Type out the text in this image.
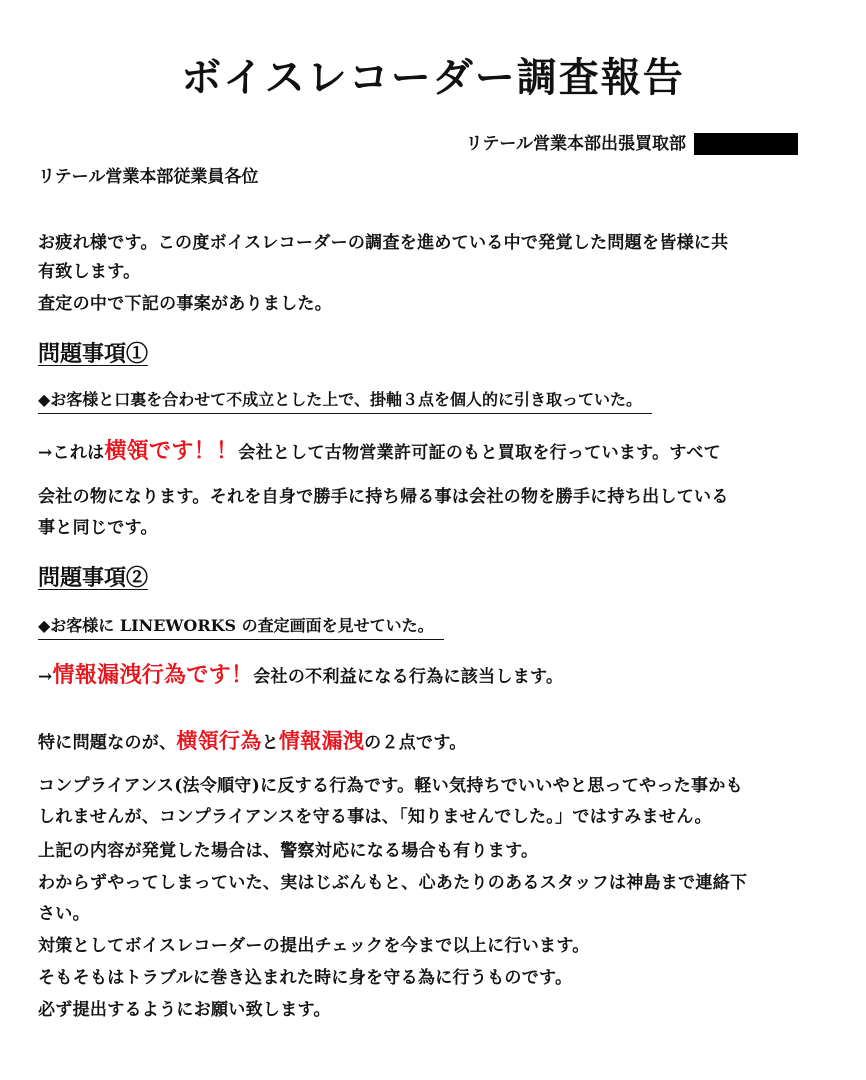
ボイスレコーダー調査報告
リテール営業本部出張買取部
リテール営業本部従業員各位
お疲れ様です。この度ボイスレコーダーの調査を進めている中で発覚した問題を皆様に共
有致します。
査定の中で下記の事案がありました。
問題事項①
◆お客様と口裏を合わせて不成立とした上で、掛軸３点を個人的に引き取っていた。
→これは横領です！！会社として古物営業許可証のもと買取を行っています。すべて
会社の物になります。それを自身で勝手に持ち帰る事は会社の物を勝手に持ち出している
事と同じです。
問題事項②
◆お客様に LINEWORKS の査定画面を見せていた。
→情報漏洩行為です！会社の不利益になる行為に該当します。
特に問題なのが、横領行為と情報漏洩の２点です。
コンプライアンス(法令順守)に反する行為です。軽い気持ちでいいやと思ってやった事かも
しれませんが、コンプライアンスを守る事は、「知りませんでした。」ではすみません。
上記の内容が発覚した場合は、警察対応になる場合も有ります。
わからずやってしまっていた、実はじぶんもと、心あたりのあるスタッフは神島まで連絡下
さい。
対策としてボイスレコーダーの提出チェックを今まで以上に行います。
そもそもはトラブルに巻き込まれた時に身を守る為に行うものです。
必ず提出するようにお願い致します。
